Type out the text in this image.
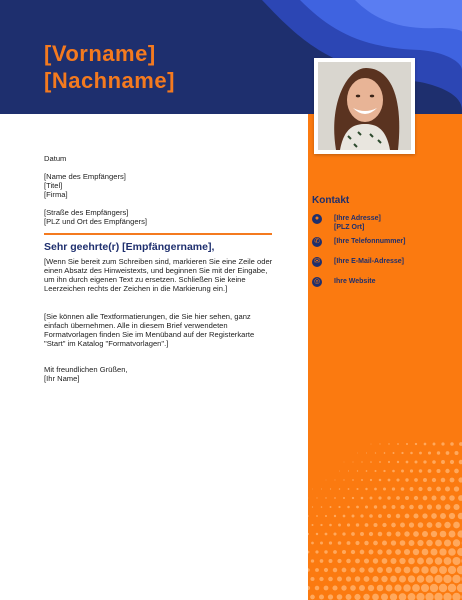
[Vorname]
[Nachname]
Kontakt
●	[Ihre Adresse]
[PLZ Ort]
✆ [Ihre Telefonnummer]
✉ [Ihre E-Mail-Adresse]
◎ Ihre Website
Datum
[Name des Empfängers]
[Titel]
[Firma]
[Straße des Empfängers]
[PLZ und Ort des Empfängers]
Sehr geehrte(r) [Empfängername],
[Wenn Sie bereit zum Schreiben sind, markieren Sie eine Zeile oder einen Absatz des Hinweistexts, und beginnen Sie mit der Eingabe, um ihn durch eigenen Text zu ersetzen. Schließen Sie keine Leerzeichen rechts der Zeichen in die Markierung ein.]
[Sie können alle Textformatierungen, die Sie hier sehen, ganz einfach übernehmen. Alle in diesem Brief verwendeten Formatvorlagen finden Sie im Menüband auf der Registerkarte "Start" im Katalog "Formatvorlagen".]
Mit freundlichen Grüßen,
[Ihr Name]
